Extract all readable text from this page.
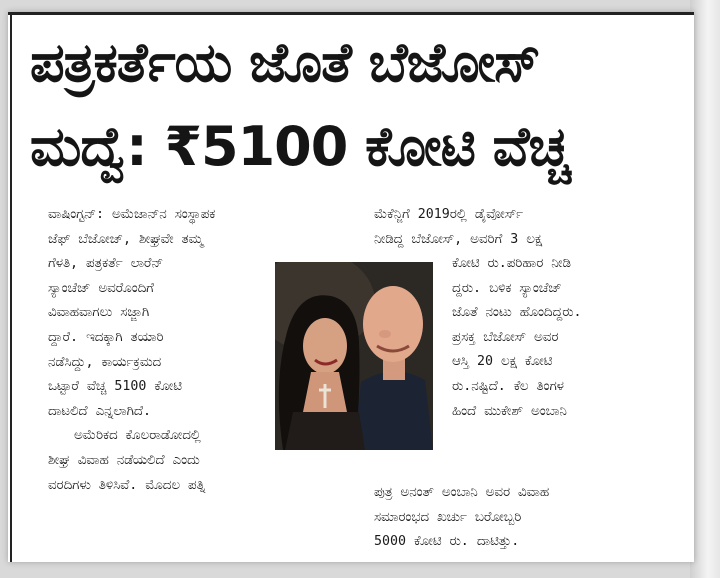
ಪತ್ರಕರ್ತೆಯ ಜೊತೆ ಬೆಜೋಸ್
ಮದ್ವೆ: ₹5100 ಕೋಟಿ ವೆಚ್ಚ

ವಾಷಿಂಗ್ಟನ್: ಅಮೆಜಾನ್‌ನ ಸಂಸ್ಥಾಪಕ

ಜೆಫ್ ಬೆಜೋಜ್, ಶೀಘ್ರವೇ ತಮ್ಮ

ಗೆಳತಿ, ಪತ್ರಕರ್ತೆ ಲಾರೆನ್

ಸ್ಯಾಂಚೆಜ್ ಅವರೊಂದಿಗೆ

ವಿವಾಹವಾಗಲು ಸಜ್ಜಾಗಿ

ದ್ದಾರೆ. ಇದಕ್ಕಾಗಿ ತಯಾರಿ

ನಡೆಸಿದ್ದು, ಕಾರ್ಯಕ್ರಮದ

ಒಟ್ಟಾರೆ ವೆಚ್ಚ 5100 ಕೋಟಿ

ದಾಟಲಿದೆ ಎನ್ನಲಾಗಿದೆ.

ಅಮೆರಿಕದ ಕೊಲರಾಡೋದಲ್ಲಿ

ಶೀಘ್ರ ವಿವಾಹ ನಡೆಯಲಿದೆ ಎಂದು

ವರದಿಗಳು ತಿಳಿಸಿವೆ. ಮೊದಲ ಪತ್ನಿ

ಮೆಕೆನ್ಜಿಗೆ 2019ರಲ್ಲಿ ಡೈವೋರ್ಸ್

ನೀಡಿದ್ದ ಬೆಜೋಸ್, ಅವರಿಗೆ 3 ಲಕ್ಷ

ಕೋಟಿ ರು.ಪರಿಹಾರ ನೀಡಿ

ದ್ದರು. ಬಳಿಕ ಸ್ಯಾಂಚೆಜ್

ಜೊತೆ ನಂಟು ಹೊಂದಿದ್ದರು.

ಪ್ರಸಕ್ತ ಬೆಜೋಸ್ ಅವರ

ಆಸ್ತಿ 20 ಲಕ್ಷ ಕೋಟಿ

ರು.ನಷ್ಟಿದೆ. ಕೆಲ ತಿಂಗಳ

ಹಿಂದೆ ಮುಕೇಶ್ ಅಂಬಾನಿ

ಪುತ್ರ ಅನಂತ್ ಅಂಬಾನಿ ಅವರ ವಿವಾಹ

ಸಮಾರಂಭದ ಖರ್ಚು ಬರೋಬ್ಬರಿ

5000 ಕೋಟಿ ರು. ದಾಟಿತ್ತು.
